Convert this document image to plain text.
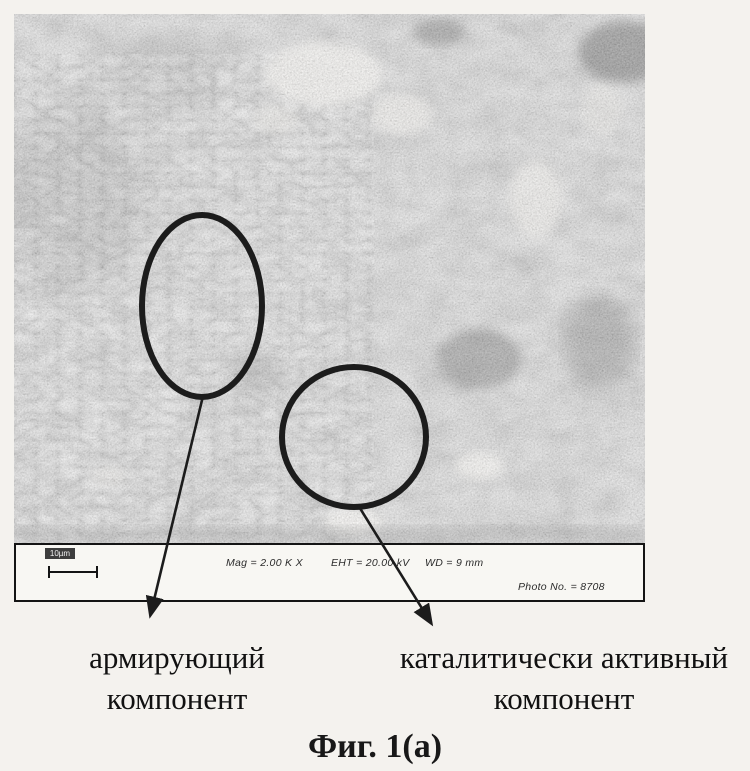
10µm
Mag = 2.00 K X	EHT = 20.00 kV WD = 9 mm
Photo No. = 8708
армирующий
компонент
каталитически активный
компонент
Фиг. 1(а)
